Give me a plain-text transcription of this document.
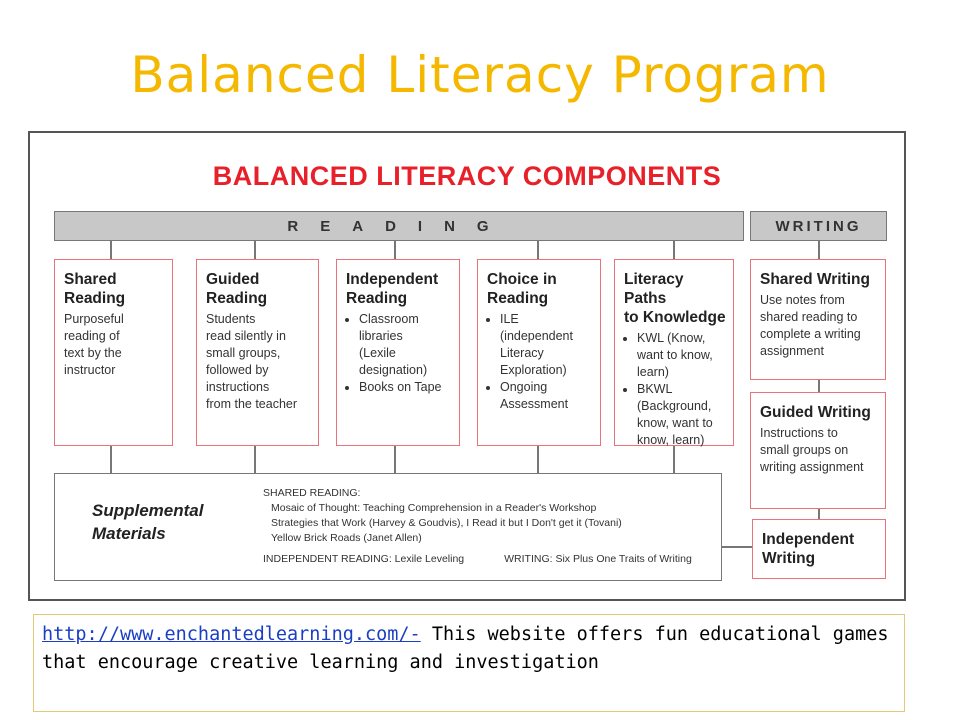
Balanced Literacy Program
BALANCED LITERACY COMPONENTS
READING	WRITING
Shared
Reading

Purposeful
reading of
text by the
instructor

Guided
Reading

Students
read silently in
small groups,
followed by
instructions
from the teacher

Independent
Reading
• Classroom
libraries
(Lexile
designation)
• Books on Tape
Choice in
Reading
• ILE
(independent
Literacy
Exploration)
• Ongoing
Assessment
Literacy Paths
to Knowledge
• KWL (Know,
want to know,
learn)
• BKWL
(Background,
know, want to
know, learn)
Shared Writing

Use notes from
shared reading to
complete a writing
assignment

Guided Writing

Instructions to
small groups on
writing assignment

Independent
Writing
Supplemental
Materials
SHARED READING:
Mosaic of Thought: Teaching Comprehension in a Reader's Workshop
Strategies that Work (Harvey & Goudvis), I Read it but I Don't get it (Tovani)
Yellow Brick Roads (Janet Allen)
INDEPENDENT READING: Lexile Leveling	WRITING: Six Plus One Traits of Writing
http://www.enchantedlearning.com/- This website offers fun educational games that encourage creative learning and investigation
